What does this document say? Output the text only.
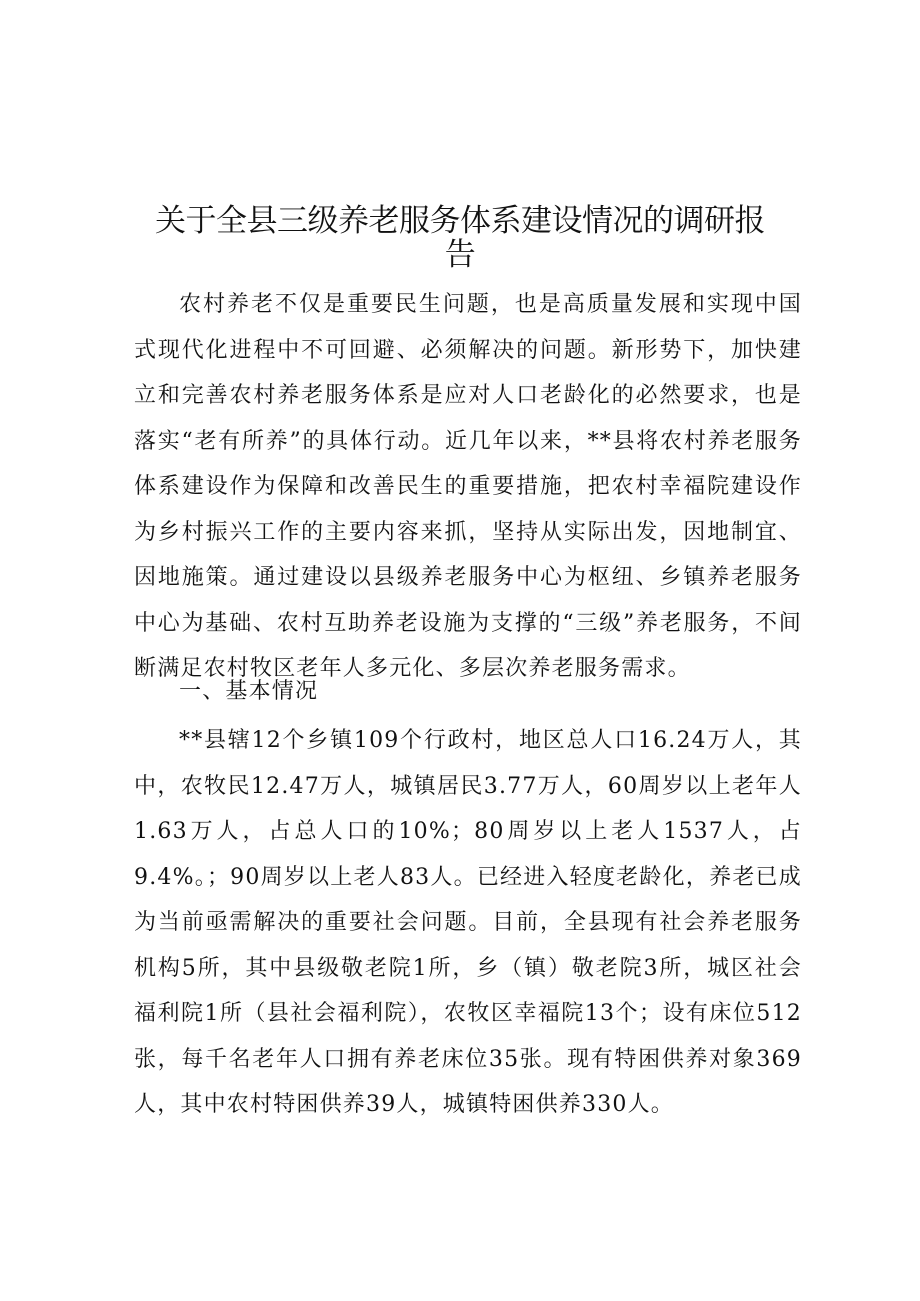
关于全县三级养老服务体系建设情况的调研报
告

农村养老不仅是重要民生问题，也是高质量发展和实现中国式现代化进程中不可回避、必须解决的问题。新形势下，加快建立和完善农村养老服务体系是应对人口老龄化的必然要求，也是落实“老有所养”的具体行动。近几年以来，**县将农村养老服务体系建设作为保障和改善民生的重要措施，把农村幸福院建设作为乡村振兴工作的主要内容来抓，坚持从实际出发，因地制宜、因地施策。通过建设以县级养老服务中心为枢纽、乡镇养老服务中心为基础、农村互助养老设施为支撑的“三级”养老服务，不间断满足农村牧区老年人多元化、多层次养老服务需求。

一、基本情况

**县辖12个乡镇109个行政村，地区总人口16.24万人，其中，农牧民12.47万人，城镇居民3.77万人，60周岁以上老年人1.63万人，占总人口的10%；80周岁以上老人1537人，占9.4%。；90周岁以上老人83人。已经进入轻度老龄化，养老已成为当前亟需解决的重要社会问题。目前，全县现有社会养老服务机构5所，其中县级敬老院1所，乡（镇）敬老院3所，城区社会福利院1所（县社会福利院），农牧区幸福院13个；设有床位512张，每千名老年人口拥有养老床位35张。现有特困供养对象369人，其中农村特困供养39人，城镇特困供养330人。
